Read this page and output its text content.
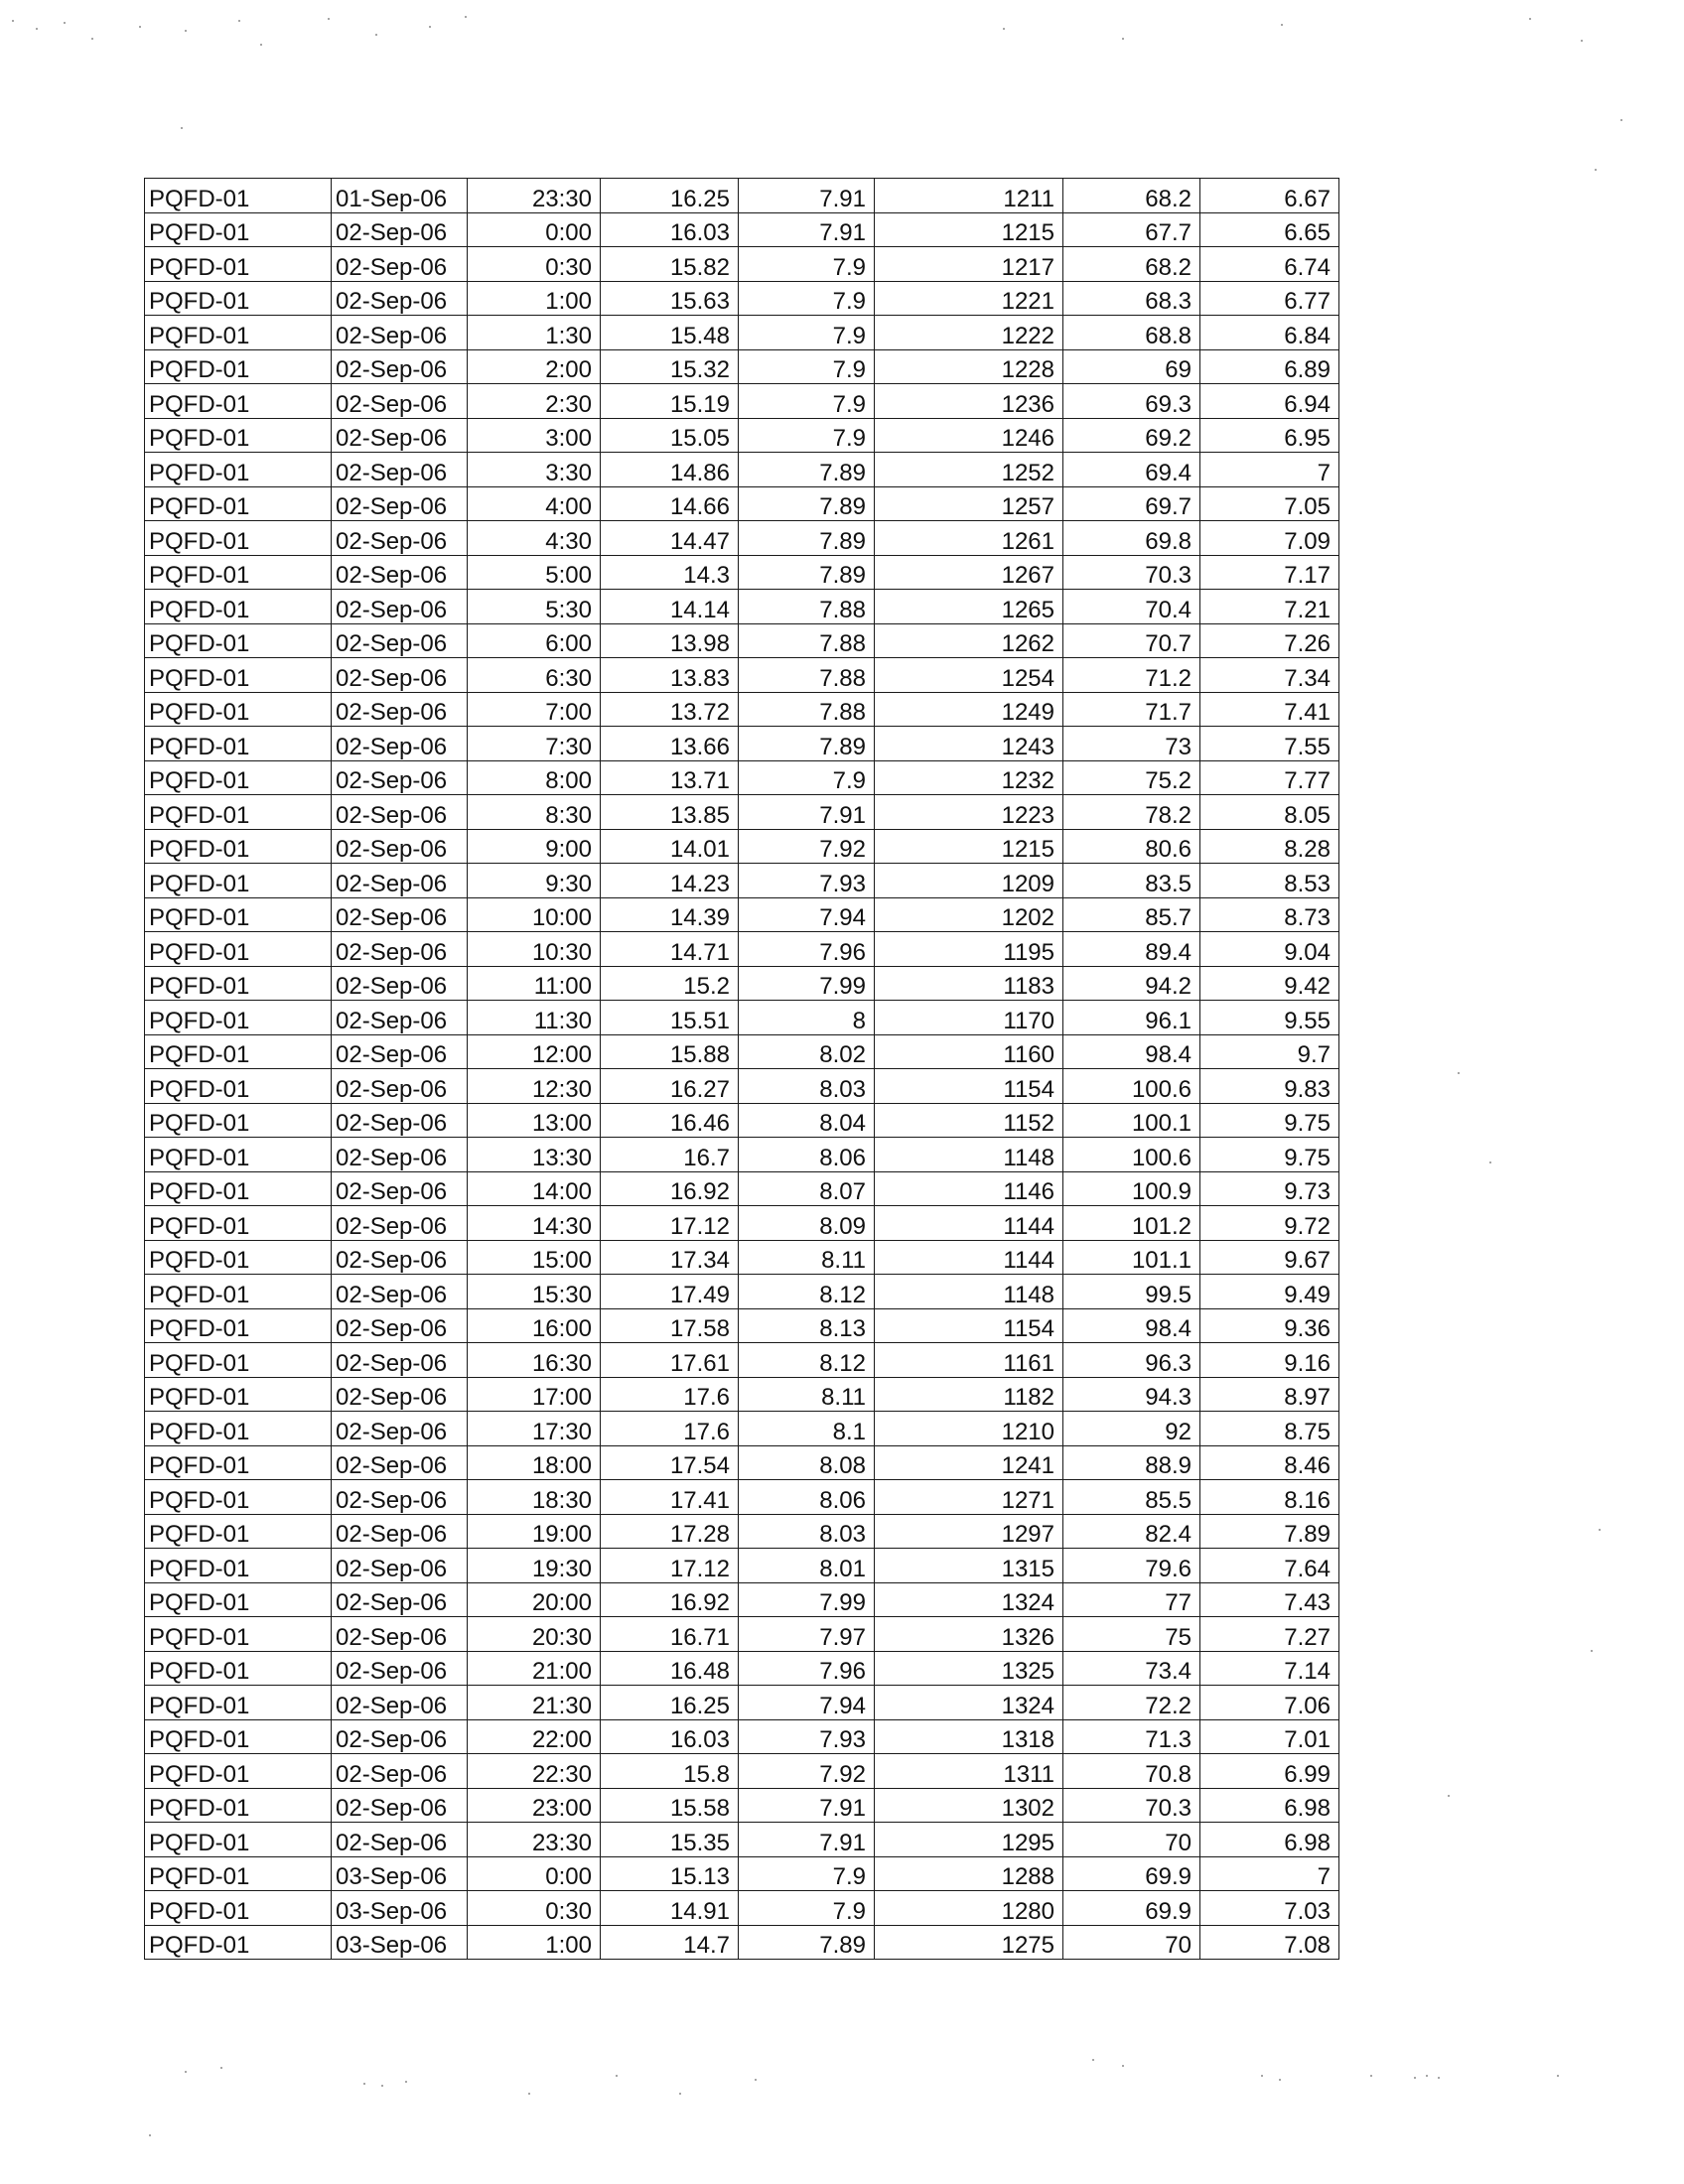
PQFD-01	01-Sep-06	23:30	16.25	7.91	1211	68.2	6.67
PQFD-01	02-Sep-06	0:00	16.03	7.91	1215	67.7	6.65
PQFD-01	02-Sep-06	0:30	15.82	7.9	1217	68.2	6.74
PQFD-01	02-Sep-06	1:00	15.63	7.9	1221	68.3	6.77
PQFD-01	02-Sep-06	1:30	15.48	7.9	1222	68.8	6.84
PQFD-01	02-Sep-06	2:00	15.32	7.9	1228	69	6.89
PQFD-01	02-Sep-06	2:30	15.19	7.9	1236	69.3	6.94
PQFD-01	02-Sep-06	3:00	15.05	7.9	1246	69.2	6.95
PQFD-01	02-Sep-06	3:30	14.86	7.89	1252	69.4	7
PQFD-01	02-Sep-06	4:00	14.66	7.89	1257	69.7	7.05
PQFD-01	02-Sep-06	4:30	14.47	7.89	1261	69.8	7.09
PQFD-01	02-Sep-06	5:00	14.3	7.89	1267	70.3	7.17
PQFD-01	02-Sep-06	5:30	14.14	7.88	1265	70.4	7.21
PQFD-01	02-Sep-06	6:00	13.98	7.88	1262	70.7	7.26
PQFD-01	02-Sep-06	6:30	13.83	7.88	1254	71.2	7.34
PQFD-01	02-Sep-06	7:00	13.72	7.88	1249	71.7	7.41
PQFD-01	02-Sep-06	7:30	13.66	7.89	1243	73	7.55
PQFD-01	02-Sep-06	8:00	13.71	7.9	1232	75.2	7.77
PQFD-01	02-Sep-06	8:30	13.85	7.91	1223	78.2	8.05
PQFD-01	02-Sep-06	9:00	14.01	7.92	1215	80.6	8.28
PQFD-01	02-Sep-06	9:30	14.23	7.93	1209	83.5	8.53
PQFD-01	02-Sep-06	10:00	14.39	7.94	1202	85.7	8.73
PQFD-01	02-Sep-06	10:30	14.71	7.96	1195	89.4	9.04
PQFD-01	02-Sep-06	11:00	15.2	7.99	1183	94.2	9.42
PQFD-01	02-Sep-06	11:30	15.51	8	1170	96.1	9.55
PQFD-01	02-Sep-06	12:00	15.88	8.02	1160	98.4	9.7
PQFD-01	02-Sep-06	12:30	16.27	8.03	1154	100.6	9.83
PQFD-01	02-Sep-06	13:00	16.46	8.04	1152	100.1	9.75
PQFD-01	02-Sep-06	13:30	16.7	8.06	1148	100.6	9.75
PQFD-01	02-Sep-06	14:00	16.92	8.07	1146	100.9	9.73
PQFD-01	02-Sep-06	14:30	17.12	8.09	1144	101.2	9.72
PQFD-01	02-Sep-06	15:00	17.34	8.11	1144	101.1	9.67
PQFD-01	02-Sep-06	15:30	17.49	8.12	1148	99.5	9.49
PQFD-01	02-Sep-06	16:00	17.58	8.13	1154	98.4	9.36
PQFD-01	02-Sep-06	16:30	17.61	8.12	1161	96.3	9.16
PQFD-01	02-Sep-06	17:00	17.6	8.11	1182	94.3	8.97
PQFD-01	02-Sep-06	17:30	17.6	8.1	1210	92	8.75
PQFD-01	02-Sep-06	18:00	17.54	8.08	1241	88.9	8.46
PQFD-01	02-Sep-06	18:30	17.41	8.06	1271	85.5	8.16
PQFD-01	02-Sep-06	19:00	17.28	8.03	1297	82.4	7.89
PQFD-01	02-Sep-06	19:30	17.12	8.01	1315	79.6	7.64
PQFD-01	02-Sep-06	20:00	16.92	7.99	1324	77	7.43
PQFD-01	02-Sep-06	20:30	16.71	7.97	1326	75	7.27
PQFD-01	02-Sep-06	21:00	16.48	7.96	1325	73.4	7.14
PQFD-01	02-Sep-06	21:30	16.25	7.94	1324	72.2	7.06
PQFD-01	02-Sep-06	22:00	16.03	7.93	1318	71.3	7.01
PQFD-01	02-Sep-06	22:30	15.8	7.92	1311	70.8	6.99
PQFD-01	02-Sep-06	23:00	15.58	7.91	1302	70.3	6.98
PQFD-01	02-Sep-06	23:30	15.35	7.91	1295	70	6.98
PQFD-01	03-Sep-06	0:00	15.13	7.9	1288	69.9	7
PQFD-01	03-Sep-06	0:30	14.91	7.9	1280	69.9	7.03
PQFD-01	03-Sep-06	1:00	14.7	7.89	1275	70	7.08
